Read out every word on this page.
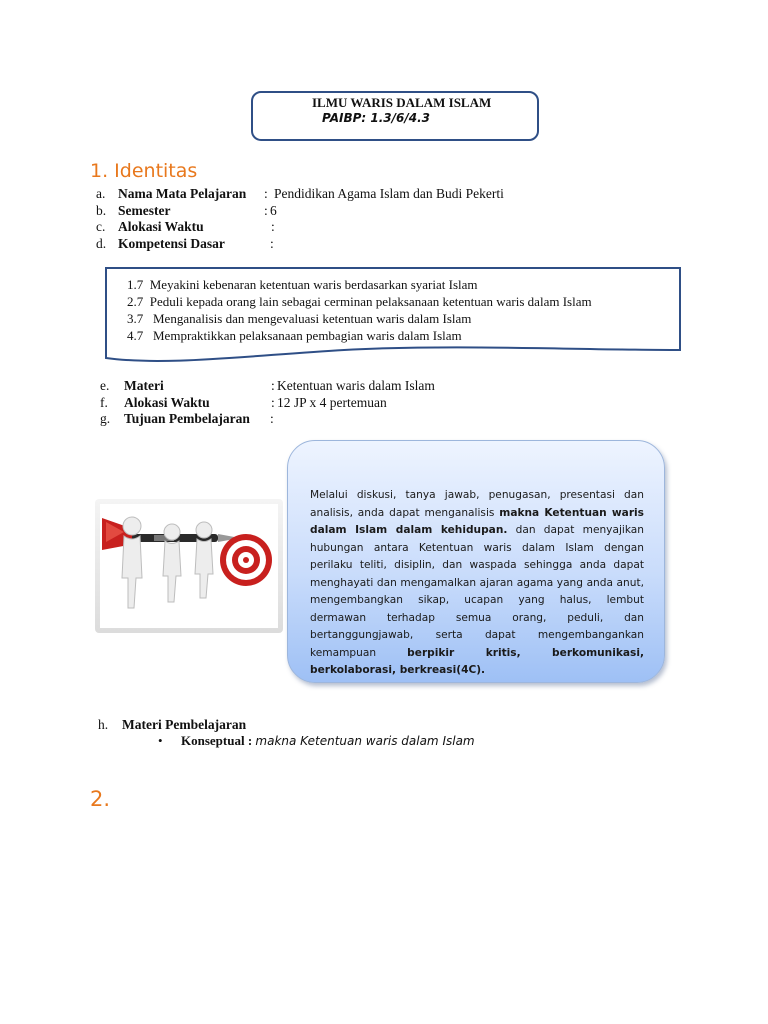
ILMU WARIS DALAM ISLAM
PAIBP: 1.3/6/4.3
1. Identitas
a. Nama Mata Pelajaran : Pendidikan Agama Islam dan Budi Pekerti
b. Semester	: 6
c. Alokasi Waktu	:
d. Kompetensi Dasar	:
1.7 Meyakini kebenaran ketentuan waris berdasarkan syariat Islam
2.7 Peduli kepada orang lain sebagai cerminan pelaksanaan ketentuan waris dalam Islam
3.7 Menganalisis dan mengevaluasi ketentuan waris dalam Islam
4.7 Mempraktikkan pelaksanaan pembagian waris dalam Islam
e. Materi	: Ketentuan waris dalam Islam
f. Alokasi Waktu	: 12 JP x 4 pertemuan
g. Tujuan Pembelajaran :
Melalui diskusi, tanya jawab, penugasan, presentasi dan analisis, anda dapat menganalisis makna Ketentuan waris dalam Islam dalam kehidupan. dan dapat menyajikan hubungan antara Ketentuan waris dalam Islam dengan perilaku teliti, disiplin, dan waspada sehingga anda dapat menghayati dan mengamalkan ajaran agama yang anda anut, mengembangkan sikap, ucapan yang halus, lembut dermawan terhadap semua orang, peduli, dan bertanggungjawab, serta dapat mengembangankan kemampuan berpikir kritis, berkomunikasi, berkolaborasi, berkreasi(4C).
h. Materi Pembelajaran
• Konseptual : makna Ketentuan waris dalam Islam
2.
